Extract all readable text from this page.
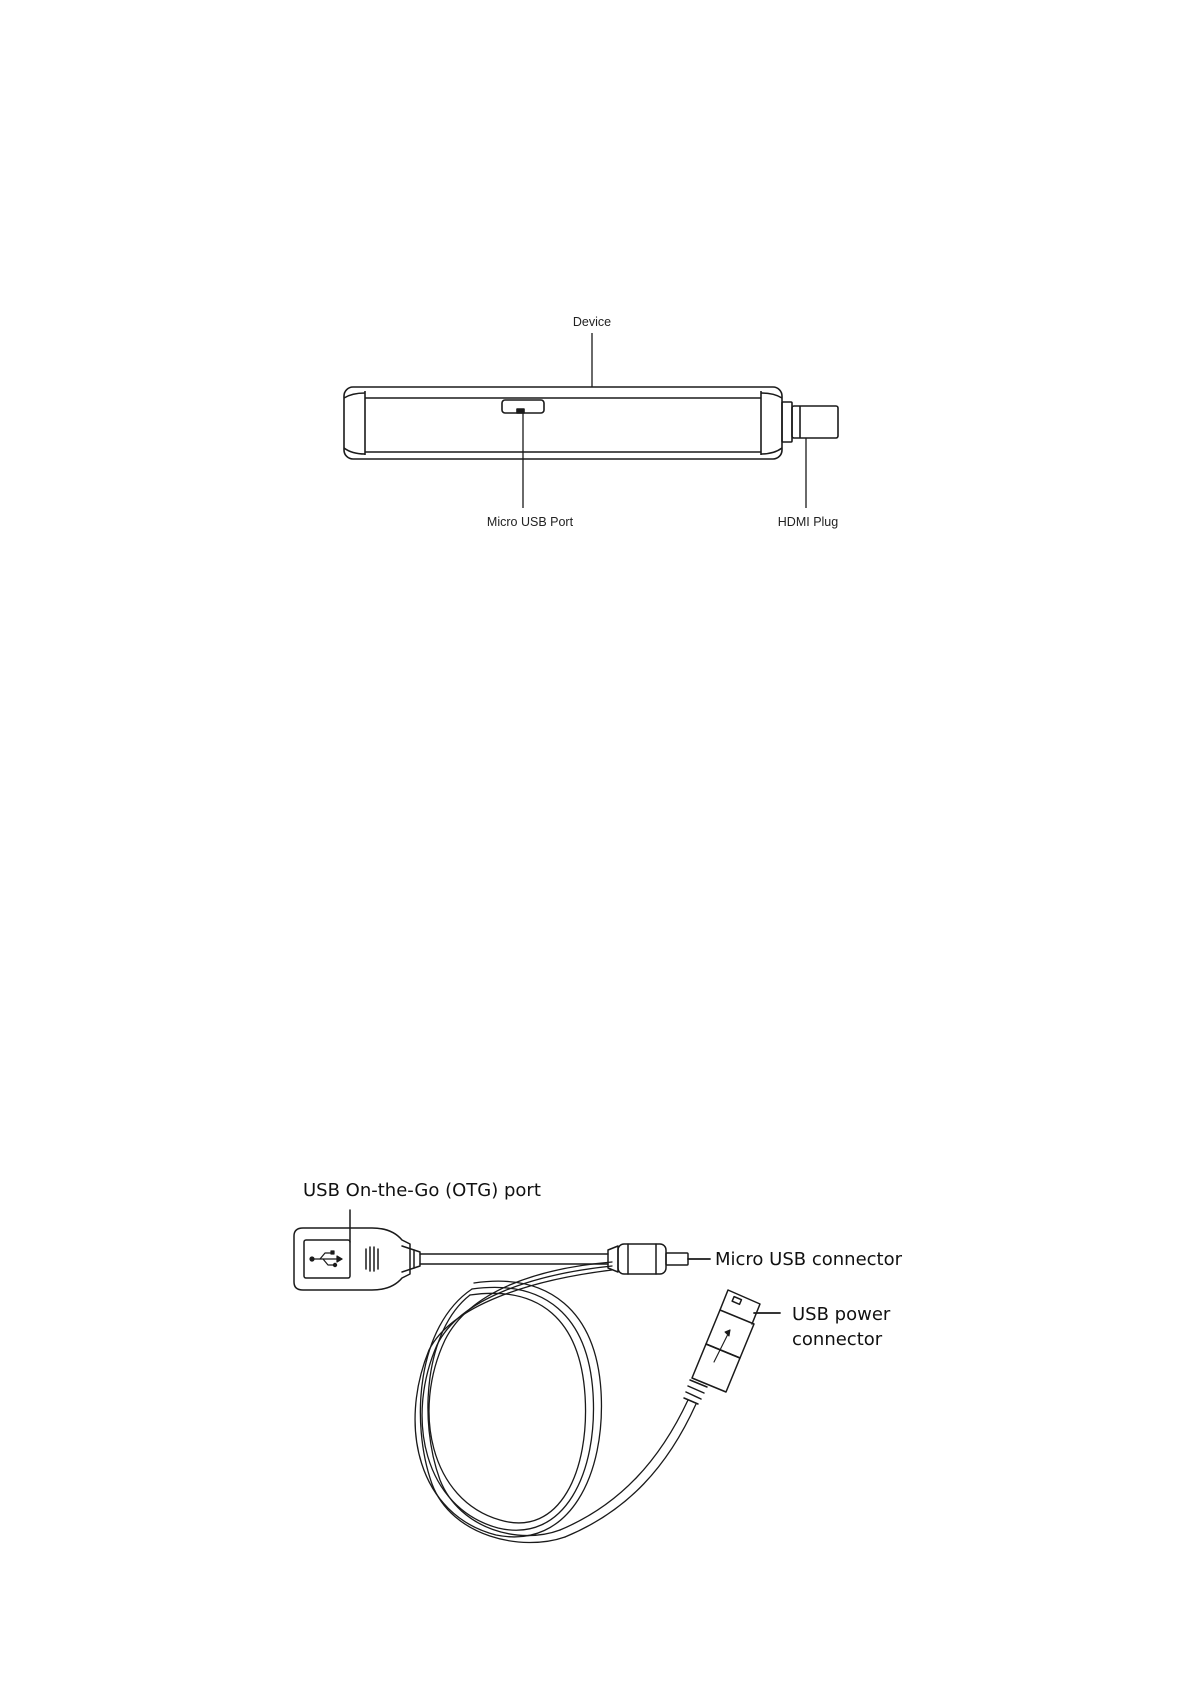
Device
Micro USB Port	HDMI Plug
USB On-the-Go (OTG) port
Micro USB connector
USB power
connector
